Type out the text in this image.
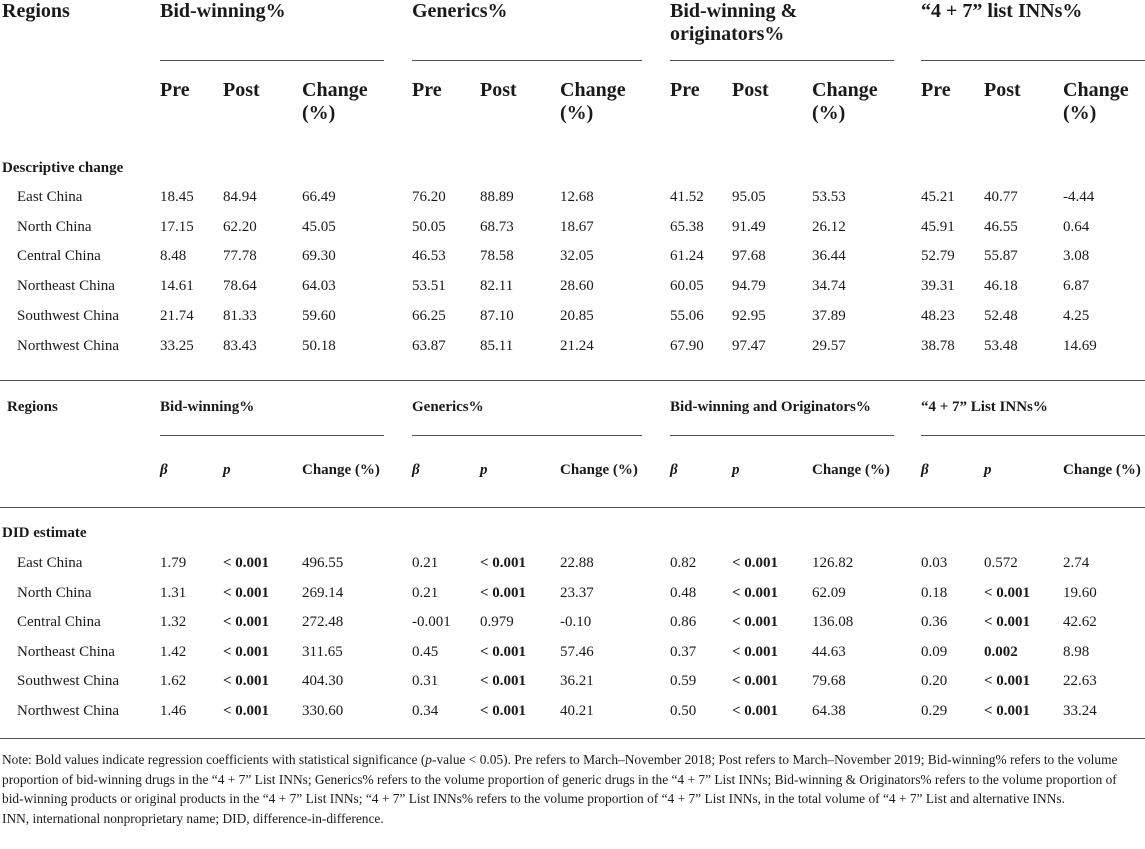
Regions	Bid-winning%	Generics%	Bid-winning &
originators%
“4 + 7” list INNs%
Pre Post Change
(%)
Pre Post Change
(%)
Pre Post Change
(%)
Pre Post Change
(%)
Descriptive change
East China	18.45 84.94	66.49	76.20 88.89	12.68	41.52 95.05	53.53	45.21 40.77	-4.44
North China	17.15 62.20	45.05	50.05 68.73	18.67	65.38 91.49	26.12	45.91 46.55	0.64
Central China	8.48 77.78	69.30	46.53 78.58	32.05	61.24 97.68	36.44	52.79 55.87	3.08
Northeast China	14.61 78.64	64.03	53.51 82.11	28.60	60.05 94.79	34.74	39.31 46.18	6.87
Southwest China	21.74 81.33	59.60	66.25 87.10	20.85	55.06 92.95	37.89	48.23 52.48	4.25
Northwest China	33.25 83.43	50.18	63.87 85.11	21.24	67.90 97.47	29.57	38.78 53.48	14.69
Regions	Bid-winning%	Generics%	Bid-winning and Originators%	“4 + 7” List INNs%
β	p	Change (%) β	p	Change (%) β	p	Change (%) β	p	Change (%)
DID estimate
East China	1.79 < 0.001 496.55	0.21	< 0.001 22.88	0.82 < 0.001 126.82	0.03 0.572	2.74
North China	1.31 < 0.001 269.14	0.21	< 0.001 23.37	0.48 < 0.001 62.09	0.18 < 0.001 19.60
Central China	1.32 < 0.001 272.48	-0.001 0.979	-0.10	0.86 < 0.001 136.08	0.36 < 0.001 42.62
Northeast China	1.42 < 0.001 311.65	0.45	< 0.001 57.46	0.37 < 0.001 44.63	0.09 0.002	8.98
Southwest China	1.62 < 0.001 404.30	0.31	< 0.001 36.21	0.59 < 0.001 79.68	0.20 < 0.001 22.63
Northwest China	1.46 < 0.001 330.60	0.34	< 0.001 40.21	0.50 < 0.001 64.38	0.29 < 0.001 33.24
Note: Bold values indicate regression coefficients with statistical significance (p-value < 0.05). Pre refers to March–November 2018; Post refers to March–November 2019; Bid-winning% refers to the volume proportion of bid-winning drugs in the “4 + 7” List INNs; Generics% refers to the volume proportion of generic drugs in the “4 + 7” List INNs; Bid-winning & Originators% refers to the volume proportion of bid-winning products or original products in the “4 + 7” List INNs; “4 + 7” List INNs% refers to the volume proportion of “4 + 7” List INNs, in the total volume of “4 + 7” List and alternative INNs.
INN, international nonproprietary name; DID, difference-in-difference.
